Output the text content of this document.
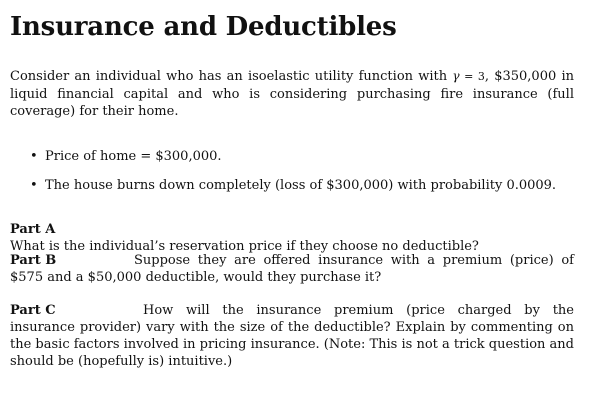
Insurance and Deductibles

Consider an individual who has an isoelastic utility function with γ = 3, $350,000 in liquid financial capital and who is considering purchasing fire insurance (full coverage) for their home.

• Price of home = $300,000.
• The house burns down completely (loss of $300,000) with probability 0.0009.

Part AWhat is the individual’s reservation price if they choose no deductible?

Part B	Suppose they are offered insurance with a premium (price) of $575 and a $50,000 deductible, would they purchase it?

Part C	How will the insurance premium (price charged by the insurance provider) vary with the size of the deductible? Explain by commenting on the basic factors involved in pricing insurance. (Note: This is not a trick question and should be (hopefully is) intuitive.)
